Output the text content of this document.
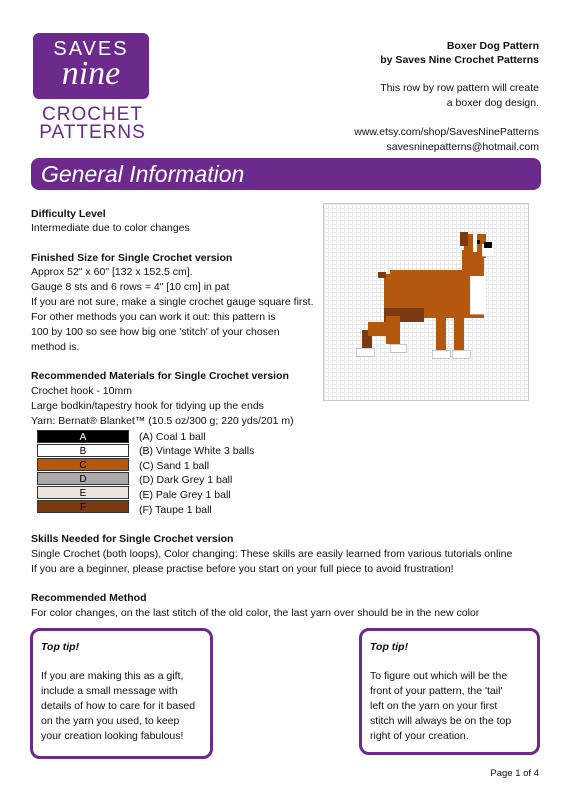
SAVES
nine
CROCHET
PATTERNS
Boxer Dog Pattern
by Saves Nine Crochet Patterns
This row by row pattern will create
a boxer dog design.
www.etsy.com/shop/SavesNinePatterns
savesninepatterns@hotmail.com
General Information
Difficulty Level
Intermediate due to color changes
Finished Size for Single Crochet version
Approx 52" x 60" [132 x 152.5 cm].
Gauge 8 sts and 6 rows = 4" [10 cm] in pat
If you are not sure, make a single crochet gauge square first.
For other methods you can work it out: this pattern is
100 by 100 so see how big one 'stitch' of your chosen
method is.
Recommended Materials for Single Crochet version
Crochet hook - 10mm
Large bodkin/tapestry hook for tidying up the ends
Yarn: Bernat® Blanket™ (10.5 oz/300 g; 220 yds/201 m)
A
B
C
D
E
F
(A) Coal 1 ball
(B) Vintage White 3 balls
(C) Sand 1 ball
(D) Dark Grey 1 ball
(E) Pale Grey 1 ball
(F) Taupe 1 ball
Skills Needed for Single Crochet version
Single Crochet (both loops), Color changing: These skills are easily learned from various tutorials online
If you are a beginner, please practise before you start on your full piece to avoid frustration!
Recommended Method
For color changes, on the last stitch of the old color, the last yarn over should be in the new color
Top tip!
If you are making this as a gift,
include a small message with
details of how to care for it based
on the yarn you used, to keep
your creation looking fabulous!
Top tip!
To figure out which will be the
front of your pattern, the 'tail'
left on the yarn on your first
stitch will always be on the top
right of your creation.
Page 1 of 4
